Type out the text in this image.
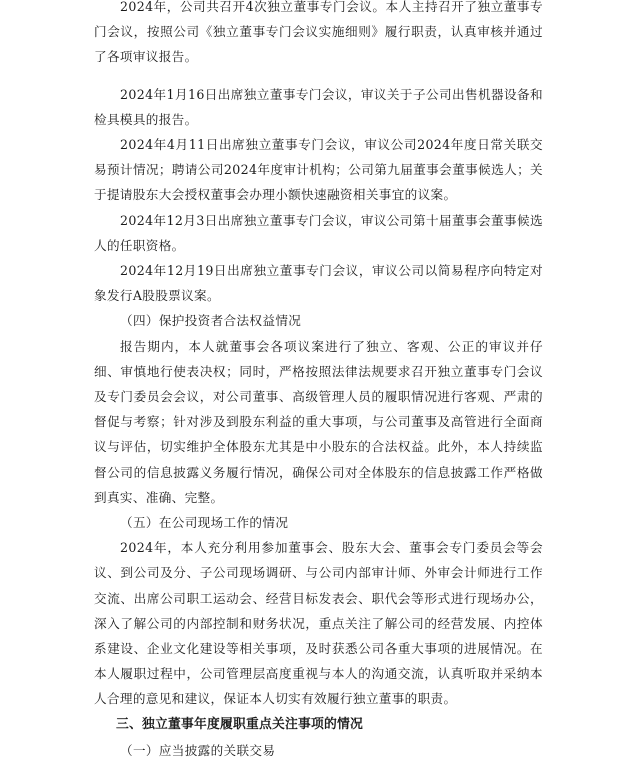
2024年，公司共召开4次独立董事专门会议。本人主持召开了独立董事专门会议，按照公司《独立董事专门会议实施细则》履行职责，认真审核并通过了各项审议报告。

2024年1月16日出席独立董事专门会议，审议关于子公司出售机器设备和检具模具的报告。

2024年4月11日出席独立董事专门会议，审议公司2024年度日常关联交易预计情况；聘请公司2024年度审计机构；公司第九届董事会董事候选人；关于提请股东大会授权董事会办理小额快速融资相关事宜的议案。

2024年12月3日出席独立董事专门会议，审议公司第十届董事会董事候选人的任职资格。

2024年12月19日出席独立董事专门会议，审议公司以简易程序向特定对象发行A股股票议案。

（四）保护投资者合法权益情况

报告期内，本人就董事会各项议案进行了独立、客观、公正的审议并仔细、审慎地行使表决权；同时，严格按照法律法规要求召开独立董事专门会议及专门委员会会议，对公司董事、高级管理人员的履职情况进行客观、严肃的督促与考察；针对涉及到股东利益的重大事项，与公司董事及高管进行全面商议与评估，切实维护全体股东尤其是中小股东的合法权益。此外，本人持续监督公司的信息披露义务履行情况，确保公司对全体股东的信息披露工作严格做到真实、准确、完整。

（五）在公司现场工作的情况

2024年，本人充分利用参加董事会、股东大会、董事会专门委员会等会议、到公司及分、子公司现场调研、与公司内部审计师、外审会计师进行工作交流、出席公司职工运动会、经营目标发表会、职代会等形式进行现场办公，深入了解公司的内部控制和财务状况，重点关注了解公司的经营发展、内控体系建设、企业文化建设等相关事项，及时获悉公司各重大事项的进展情况。在本人履职过程中，公司管理层高度重视与本人的沟通交流，认真听取并采纳本人合理的意见和建议，保证本人切实有效履行独立董事的职责。

三、独立董事年度履职重点关注事项的情况

（一）应当披露的关联交易
